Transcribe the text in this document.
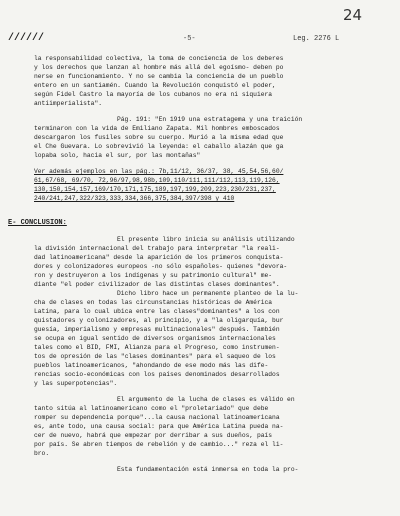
24
//////	-5-	Leg. 2276 L
la responsabilidad colectiva, la toma de conciencia de los deberes
y los derechos que lanzan al hombre más allá del egoísmo- deben po
nerse en funcionamiento. Y no se cambia la conciencia de un pueblo
entero en un santiamén. Cuando la Revolución conquistó el poder,
según Fidel Castro la mayoría de los cubanos no era ni siquiera
antiimperialista".
Pág. 191: "En 1919 una estratagema y una traición
terminaron con la vida de Emiliano Zapata. Mil hombres emboscados
descargaron los fusiles sobre su cuerpo. Murió a la misma edad que
el Che Guevara. Lo sobrevivió la leyenda: el caballo alazán que ga
lopaba solo, hacia el sur, por las montañas"
Ver además ejemplos en las pág.: 7b,11/12, 36/37, 38, 45,54,56,60/
61,67/68, 69/70, 72,96/97,98,98b,109,110/111,111/112,113,119,126,
130,150,154,157,169/170,171,175,189,197,199,209,223,230/231,237,
240/241,247,322/323,333,334,366,375,384,397/398 y 410
E- CONCLUSION:
El presente libro inicia su análisis utilizando
la división internacional del trabajo para interpretar "la reali-
dad latinoamericana" desde la aparición de los primeros conquista-
dores y colonizadores europeos -no sólo españoles- quienes "devora-
ron y destruyeron a los indígenas y su patrimonio cultural" me-
diante "el poder civilizador de las distintas clases dominantes".
Dicho libro hace un permanente planteo de la lu-
cha de clases en todas las circunstancias históricas de América
Latina, para lo cual ubica entre las clases"dominantes" a los con
quistadores y colonizadores, al principio, y a "la oligarquía, bur
guesía, imperialismo y empresas multinacionales" después. También
se ocupa en igual sentido de diversos organismos internacionales
tales como el BID, FMI, Alianza para el Progreso, como instrumen-
tos de opresión de las "clases dominantes" para el saqueo de los
pueblos latinoamericanos, "ahondando de ese modo más las dife-
rencias socio-económicas con los países denominados desarrollados
y las superpotencias".
El argumento de la lucha de clases es válido en
tanto sitúa al latinoamericano como el "proletariado" que debe
romper su dependencia porque"...la causa nacional latinoamericana
es, ante todo, una causa social: para que América Latina pueda na-
cer de nuevo, habrá que empezar por derribar a sus dueños, país
por país. Se abren tiempos de rebelión y de cambio..." reza el li-
bro.
Esta fundamentación está inmersa en toda la pro-
